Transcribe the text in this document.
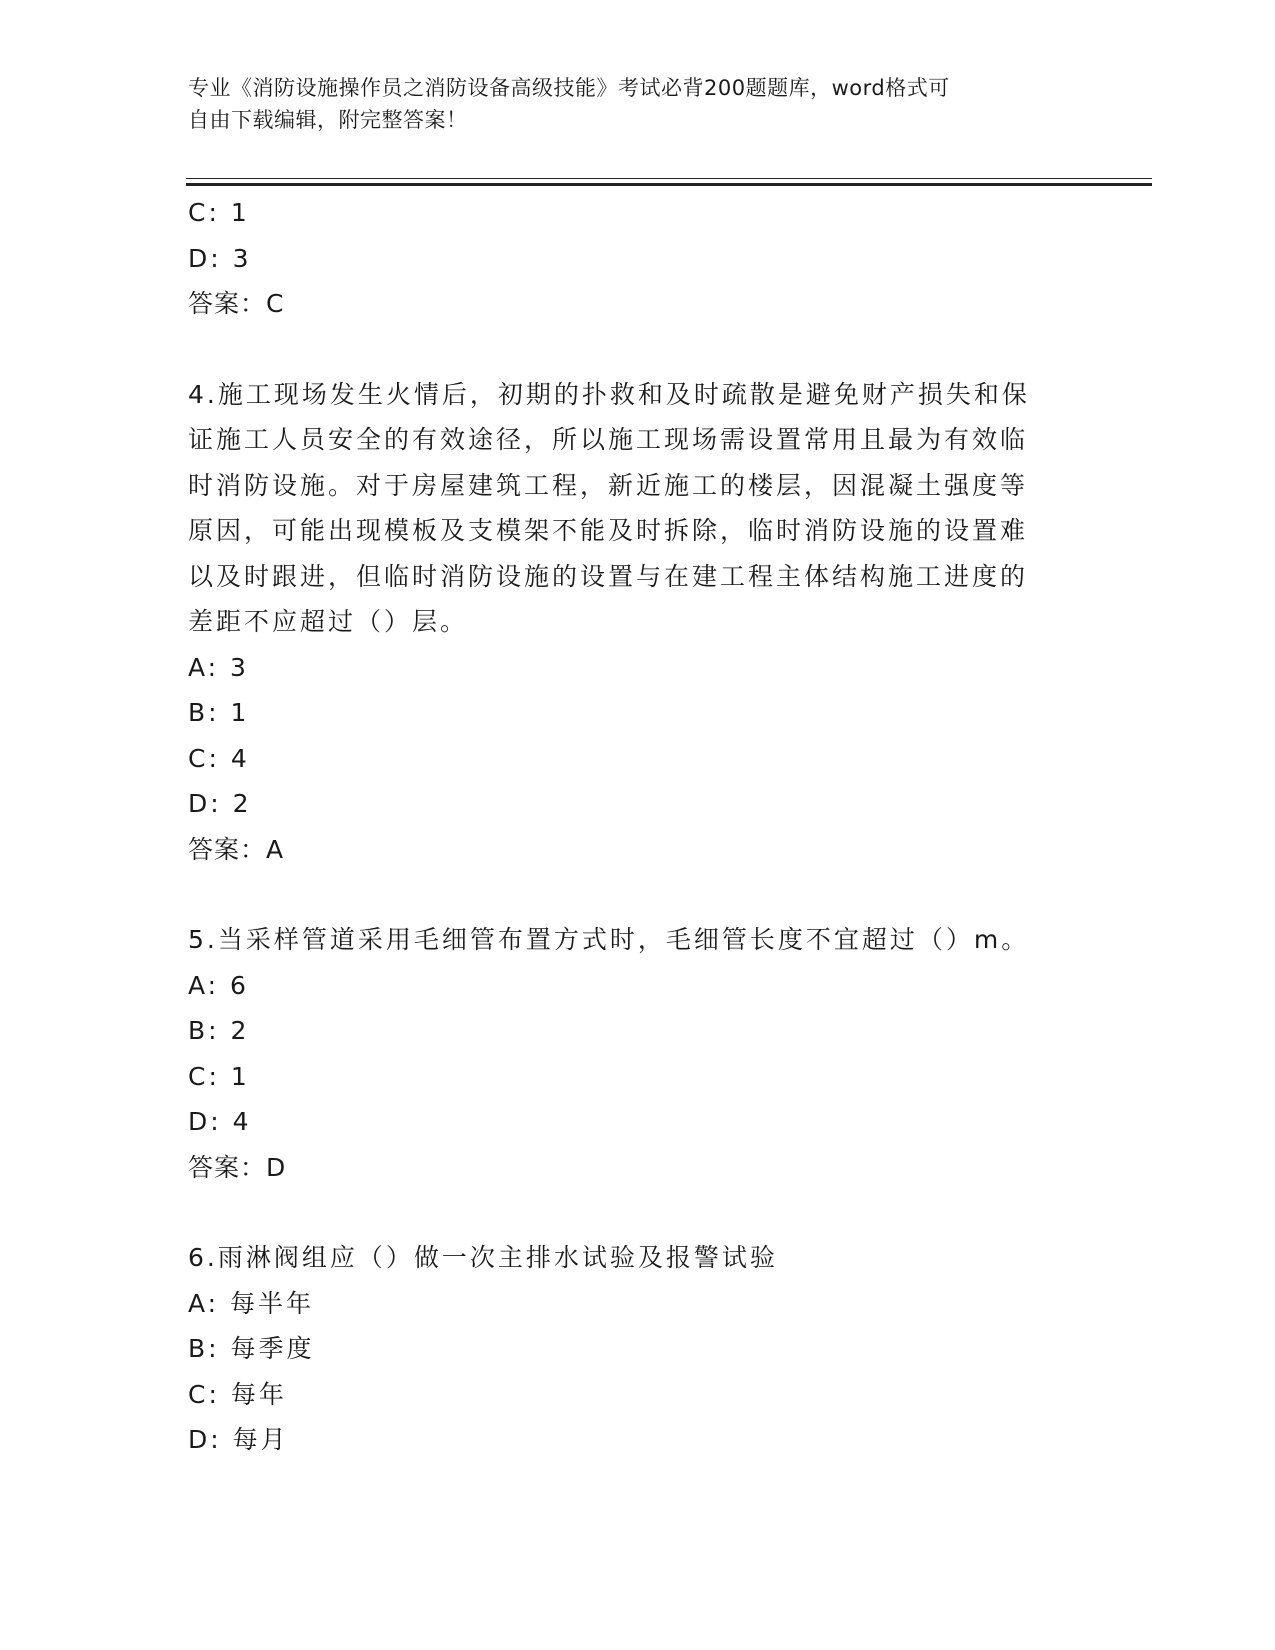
专业《消防设施操作员之消防设备高级技能》考试必背200题题库，word格式可
自由下载编辑，附完整答案！
C: 1
D: 3
答案：C
4.施工现场发生火情后，初期的扑救和及时疏散是避免财产损失和保
证施工人员安全的有效途径，所以施工现场需设置常用且最为有效临
时消防设施。对于房屋建筑工程，新近施工的楼层，因混凝土强度等
原因，可能出现模板及支模架不能及时拆除，临时消防设施的设置难
以及时跟进，但临时消防设施的设置与在建工程主体结构施工进度的
差距不应超过（）层。
A: 3
B: 1
C: 4
D: 2
答案：A
5.当采样管道采用毛细管布置方式时，毛细管长度不宜超过（）m。
A: 6
B: 2
C: 1
D: 4
答案：D
6.雨淋阀组应（）做一次主排水试验及报警试验
A: 每半年
B: 每季度
C: 每年
D: 每月
